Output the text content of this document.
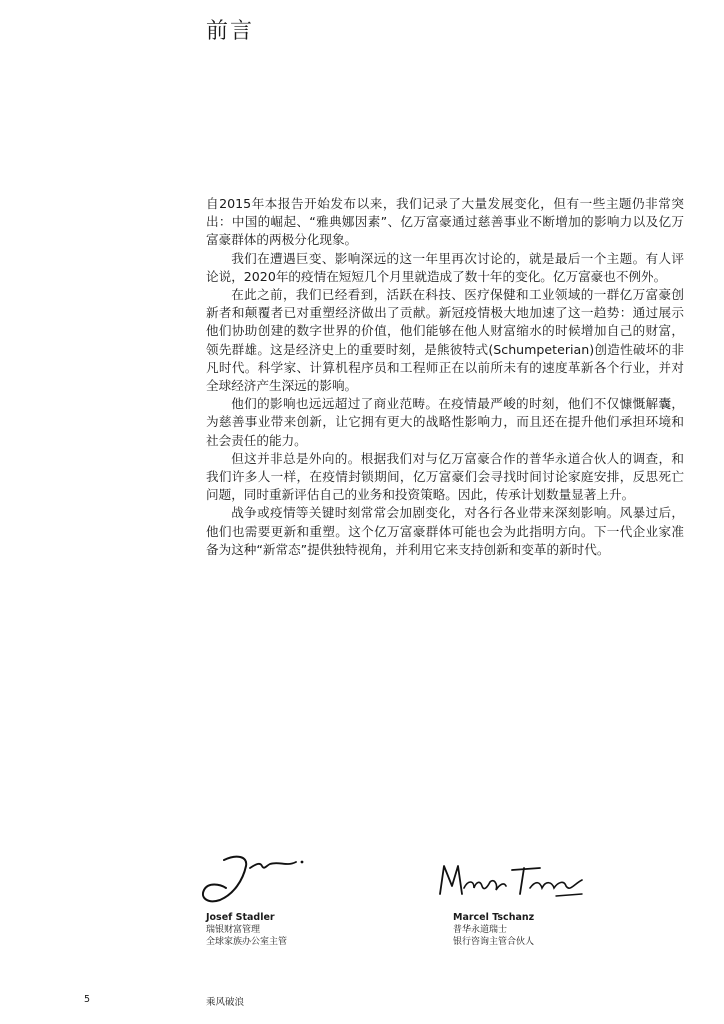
前言

自2015年本报告开始发布以来，我们记录了大量发展变化，但有一些主题仍非常突出：中国的崛起、“雅典娜因素”、亿万富豪通过慈善事业不断增加的影响力以及亿万富豪群体的两极分化现象。

我们在遭遇巨变、影响深远的这一年里再次讨论的，就是最后一个主题。有人评论说，2020年的疫情在短短几个月里就造成了数十年的变化。亿万富豪也不例外。

在此之前，我们已经看到，活跃在科技、医疗保健和工业领域的一群亿万富豪创新者和颠覆者已对重塑经济做出了贡献。新冠疫情极大地加速了这一趋势：通过展示他们协助创建的数字世界的价值，他们能够在他人财富缩水的时候增加自己的财富，领先群雄。这是经济史上的重要时刻，是熊彼特式(Schumpeterian)创造性破坏的非凡时代。科学家、计算机程序员和工程师正在以前所未有的速度革新各个行业，并对全球经济产生深远的影响。

他们的影响也远远超过了商业范畴。在疫情最严峻的时刻，他们不仅慷慨解囊，为慈善事业带来创新，让它拥有更大的战略性影响力，而且还在提升他们承担环境和社会责任的能力。

但这并非总是外向的。根据我们对与亿万富豪合作的普华永道合伙人的调查，和我们许多人一样，在疫情封锁期间，亿万富豪们会寻找时间讨论家庭安排，反思死亡问题，同时重新评估自己的业务和投资策略。因此，传承计划数量显著上升。

战争或疫情等关键时刻常常会加剧变化，对各行各业带来深刻影响。风暴过后，他们也需要更新和重塑。这个亿万富豪群体可能也会为此指明方向。下一代企业家准备为这种“新常态”提供独特视角，并利用它来支持创新和变革的新时代。

Josef Stadler
瑞银财富管理
全球家族办公室主管
Marcel Tschanz
普华永道瑞士
银行咨询主管合伙人
5	乘风破浪
